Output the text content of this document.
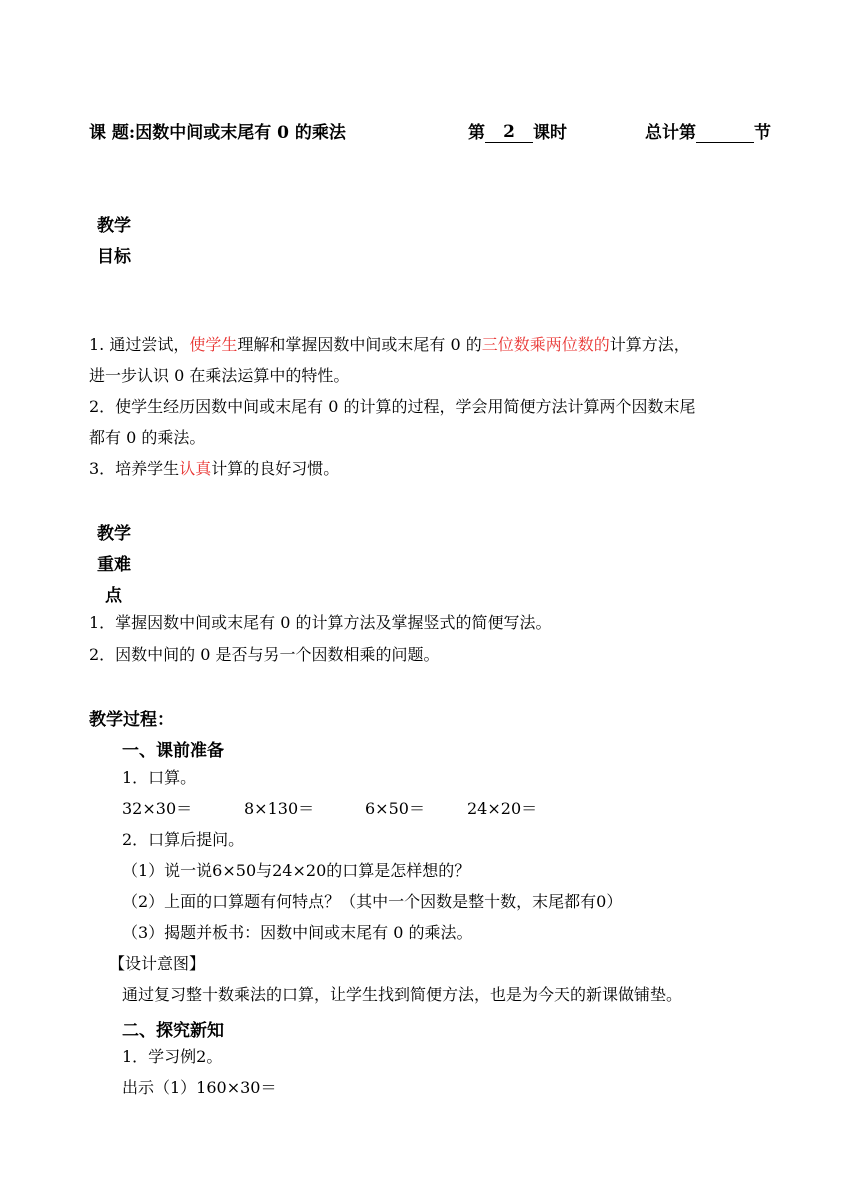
课 题:因数中间或末尾有 0 的乘法	第 2 课时	总计第	节
教学
目标
1. 通过尝试，使学生理解和掌握因数中间或末尾有 0 的三位数乘两位数的计算方法，
进一步认识 0 在乘法运算中的特性。
2．使学生经历因数中间或末尾有 0 的计算的过程，学会用简便方法计算两个因数末尾
都有 0 的乘法。
3．培养学生认真计算的良好习惯。
教学
重难
点
1．掌握因数中间或末尾有 0 的计算方法及掌握竖式的简便写法。
2．因数中间的 0 是否与另一个因数相乘的问题。
教学过程：
一、课前准备
1．口算。
32×30＝	8×130＝	6×50＝	24×20＝
2．口算后提问。
（1）说一说6×50与24×20的口算是怎样想的？
（2）上面的口算题有何特点？（其中一个因数是整十数，末尾都有0）
（3）揭题并板书：因数中间或末尾有 0 的乘法。
【设计意图】
通过复习整十数乘法的口算，让学生找到简便方法，也是为今天的新课做铺垫。
二、探究新知
1．学习例2。
出示（1）160×30＝
